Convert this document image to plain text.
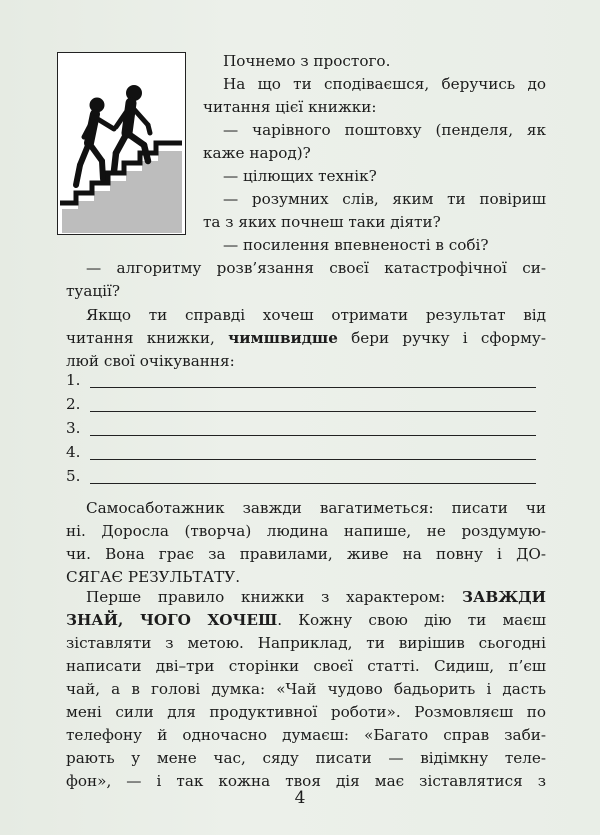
Почнемо з простого.
На що ти сподіваєшся, беручись до
читання цієї книжки:
— чарівного поштовху (пенделя, як
каже народ)?
— цілющих технік?
— розумних слів, яким ти повіриш
та з яких почнеш таки діяти?
— посилення впевненості в собі?
— алгоритму розв’язання своєї катастрофічної си-
туації?
Якщо ти справді хочеш отримати результат від
читання книжки, чимшвидше бери ручку і сформу-
люй свої очікування:
1.
2.
3.
4.
5.
Самосаботажник завжди вагатиметься: писати чи
ні. Доросла (творча) людина напише, не роздумую-
чи. Вона грає за правилами, живе на повну і ДО-
СЯГАЄ РЕЗУЛЬТАТУ.
Перше правило книжки з характером: ЗАВЖДИ
ЗНАЙ, ЧОГО ХОЧЕШ. Кожну свою дію ти маєш
зіставляти з метою. Наприклад, ти вирішив сьогодні
написати дві–три сторінки своєї статті. Сидиш, п’єш
чай, а в голові думка: «Чай чудово бадьорить і дасть
мені сили для продуктивної роботи». Розмовляєш по
телефону й одночасно думаєш: «Багато справ заби-
рають у мене час, сяду писати — відімкну теле-
фон», — і так кожна твоя дія має зіставлятися з
4
